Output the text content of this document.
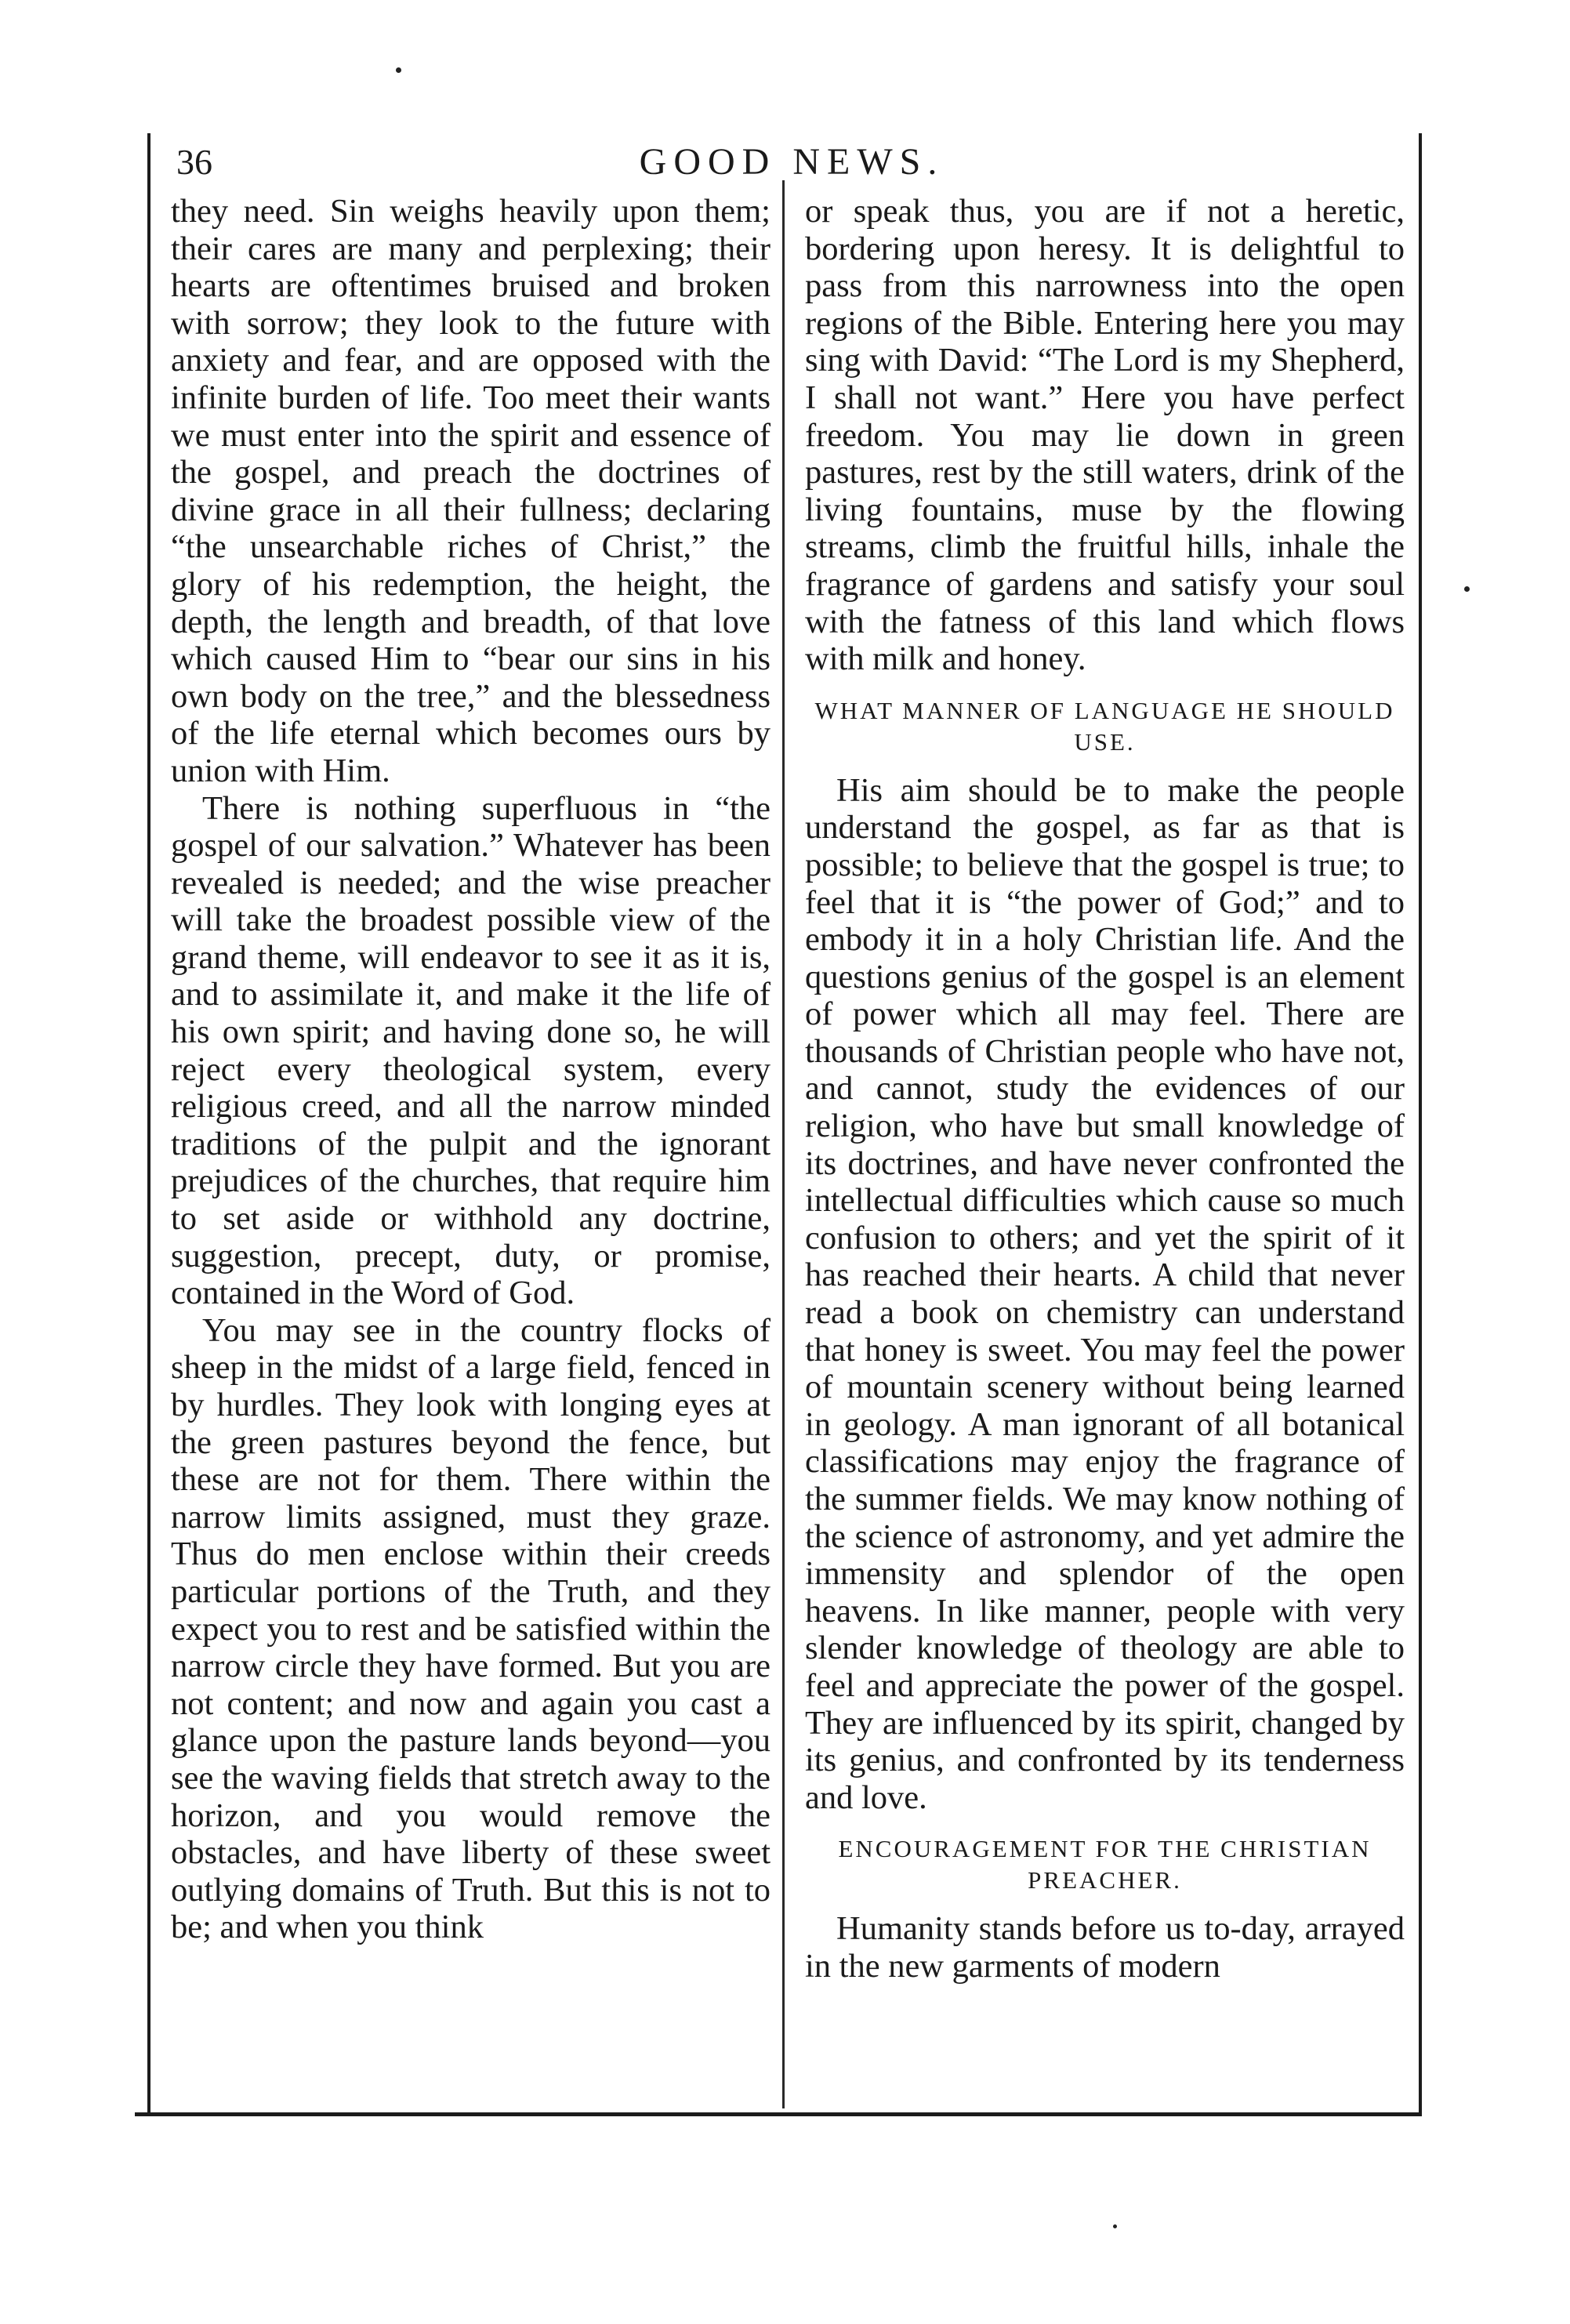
36	GOOD NEWS.

they need. Sin weighs heavily upon them; their cares are many and perplexing; their hearts are oftentimes bruised and broken with sorrow; they look to the future with anxiety and fear, and are opposed with the infinite burden of life. Too meet their wants we must enter into the spirit and essence of the gospel, and preach the doctrines of divine grace in all their fullness; declaring “the unsearchable riches of Christ,” the glory of his redemption, the height, the depth, the length and breadth, of that love which caused Him to “bear our sins in his own body on the tree,” and the blessedness of the life eternal which becomes ours by union with Him.

There is nothing superfluous in “the gospel of our salvation.” Whatever has been revealed is needed; and the wise preacher will take the broadest possible view of the grand theme, will endeavor to see it as it is, and to assimilate it, and make it the life of his own spirit; and having done so, he will reject every theological system, every religious creed, and all the narrow minded traditions of the pulpit and the ignorant prejudices of the churches, that require him to set aside or withhold any doctrine, suggestion, precept, duty, or promise, contained in the Word of God.

You may see in the country flocks of sheep in the midst of a large field, fenced in by hurdles. They look with longing eyes at the green pastures beyond the fence, but these are not for them. There within the narrow limits assigned, must they graze. Thus do men enclose within their creeds particular portions of the Truth, and they expect you to rest and be satisfied within the narrow circle they have formed. But you are not content; and now and again you cast a glance upon the pasture lands beyond—you see the waving fields that stretch away to the horizon, and you would remove the obstacles, and have liberty of these sweet outlying domains of Truth. But this is not to be; and when you think

or speak thus, you are if not a heretic, bordering upon heresy. It is delightful to pass from this narrowness into the open regions of the Bible. Entering here you may sing with David: “The Lord is my Shepherd, I shall not want.” Here you have perfect freedom. You may lie down in green pastures, rest by the still waters, drink of the living fountains, muse by the flowing streams, climb the fruitful hills, inhale the fragrance of gardens and satisfy your soul with the fatness of this land which flows with milk and honey.

WHAT MANNER OF LANGUAGE HE SHOULD USE.

His aim should be to make the people understand the gospel, as far as that is possible; to believe that the gospel is true; to feel that it is “the power of God;” and to embody it in a holy Christian life. And the questions genius of the gospel is an element of power which all may feel. There are thousands of Christian people who have not, and cannot, study the evidences of our religion, who have but small knowledge of its doctrines, and have never confronted the intellectual difficulties which cause so much confusion to others; and yet the spirit of it has reached their hearts. A child that never read a book on chemistry can understand that honey is sweet. You may feel the power of mountain scenery without being learned in geology. A man ignorant of all botanical classifications may enjoy the fragrance of the summer fields. We may know nothing of the science of astronomy, and yet admire the immensity and splendor of the open heavens. In like manner, people with very slender knowledge of theology are able to feel and appreciate the power of the gospel. They are influenced by its spirit, changed by its genius, and confronted by its tenderness and love.

ENCOURAGEMENT FOR THE CHRISTIAN PREACHER.

Humanity stands before us to-day, arrayed in the new garments of modern
